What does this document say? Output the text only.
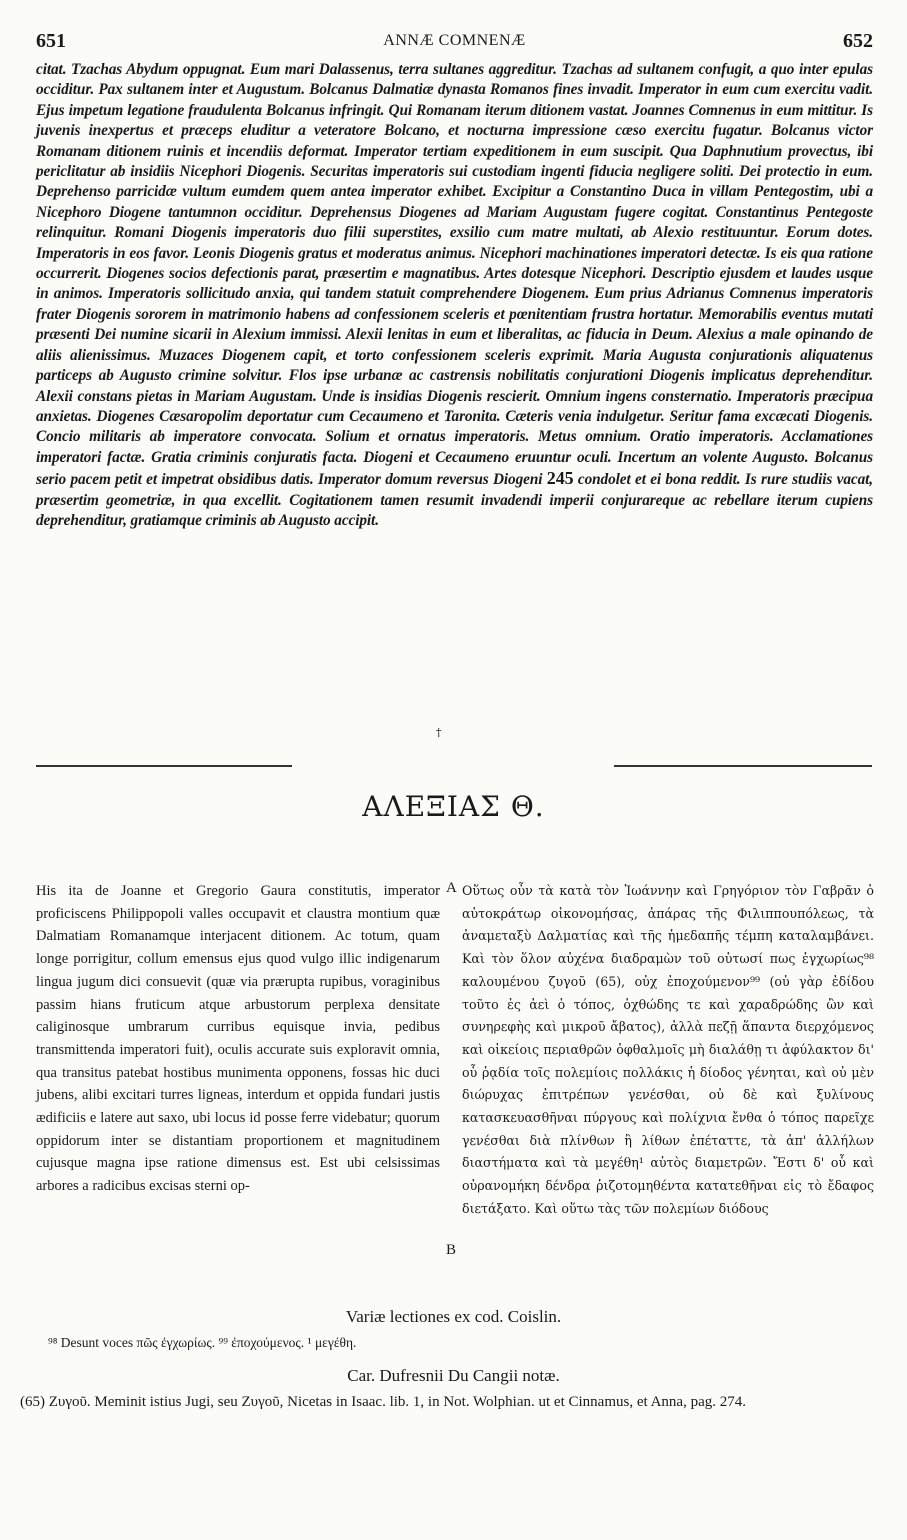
651	ANNÆ COMNENÆ	652
citat. Tzachas Abydum oppugnat. Eum mari Dalassenus, terra sultanes aggreditur. Tzachas ad sultanem confugit, a quo inter epulas occiditur. Pax sultanem inter et Augustum. Bolcanus Dalmatiæ dynasta Romanos fines invadit. Imperator in eum cum exercitu vadit. Ejus impetum legatione fraudulenta Bolcanus infringit. Qui Romanam iterum ditionem vastat. Joannes Comnenus in eum mittitur. Is juvenis inexpertus et præceps eluditur a veteratore Bolcano, et nocturna impressione cæso exercitu fugatur. Bolcanus victor Romanam ditionem ruinis et incendiis deformat. Imperator tertiam expeditionem in eum suscipit. Qua Daphnutium provectus, ibi periclitatur ab insidiis Nicephori Diogenis. Securitas imperatoris sui custodiam ingenti fiducia negligere soliti. Dei protectio in eum. Deprehenso parricidæ vultum eumdem quem antea imperator exhibet. Excipitur a Constantino Duca in villam Pentegostim, ubi a Nicephoro Diogene tantumnon occiditur. Deprehensus Diogenes ad Mariam Augustam fugere cogitat. Constantinus Pentegoste relinquitur. Romani Diogenis imperatoris duo filii superstites, exsilio cum matre multati, ab Alexio restituuntur. Eorum dotes. Imperatoris in eos favor. Leonis Diogenis gratus et moderatus animus. Nicephori machinationes imperatori detectæ. Is eis qua ratione occurrerit. Diogenes socios defectionis parat, præsertim e magnatibus. Artes dotesque Nicephori. Descriptio ejusdem et laudes usque in animos. Imperatoris sollicitudo anxia, qui tandem statuit comprehendere Diogenem. Eum prius Adrianus Comnenus imperatoris frater Diogenis sororem in matrimonio habens ad confessionem sceleris et pœnitentiam frustra hortatur. Memorabilis eventus mutati præsenti Dei numine sicarii in Alexium immissi. Alexii lenitas in eum et liberalitas, ac fiducia in Deum. Alexius a male opinando de aliis alienissimus. Muzaces Diogenem capit, et torto confessionem sceleris exprimit. Maria Augusta conjurationis aliquatenus particeps ab Augusto crimine solvitur. Flos ipse urbanæ ac castrensis nobilitatis conjurationi Diogenis implicatus deprehenditur. Alexii constans pietas in Mariam Augustam. Unde is insidias Diogenis rescierit. Omnium ingens consternatio. Imperatoris præcipua anxietas. Diogenes Cæsaropolim deportatur cum Cecaumeno et Taronita. Cæteris venia indulgetur. Seritur fama excæcati Diogenis. Concio militaris ab imperatore convocata. Solium et ornatus imperatoris. Metus omnium. Oratio imperatoris. Acclamationes imperatori factæ. Gratia criminis conjuratis facta. Diogeni et Cecaumeno eruuntur oculi. Incertum an volente Augusto. Bolcanus serio pacem petit et impetrat obsidibus datis. Imperator domum reversus Diogeni 245 condolet et ei bona reddit. Is rure studiis vacat, præsertim geometriæ, in qua excellit. Cogitationem tamen resumit invadendi imperii conjurareque ac rebellare iterum cupiens deprehenditur, gratiamque criminis ab Augusto accipit.
†
ΑΛΕΞΙΑΣ Θ.
His ita de Joanne et Gregorio Gaura constitutis, imperator proficiscens Philippopoli valles occupavit et claustra montium quæ Dalmatiam Romanamque interjacent ditionem. Ac totum, quam longe porrigitur, collum emensus ejus quod vulgo illic indigenarum lingua jugum dici consuevit (quæ via prærupta rupibus, voraginibus passim hians fruticum atque arbustorum perplexa densitate caliginosque umbrarum curribus equisque invia, pedibus transmittenda imperatori fuit), oculis accurate suis exploravit omnia, qua transitus patebat hostibus munimenta opponens, fossas hic duci jubens, alibi excitari turres ligneas, interdum et oppida fundari justis ædificiis e latere aut saxo, ubi locus id posse ferre videbatur; quorum oppidorum inter se distantiam proportionem et magnitudinem cujusque magna ipse ratione dimensus est. Est ubi celsissimas arbores a radicibus excisas sterni op-
A
B
Οὕτως οὖν τὰ κατὰ τὸν Ἰωάννην καὶ Γρηγόριον τὸν Γαβρᾶν ὁ αὐτοκράτωρ οἰκονομήσας, ἀπάρας τῆς Φιλιππουπόλεως, τὰ ἀναμεταξὺ Δαλματίας καὶ τῆς ἡμεδαπῆς τέμπη καταλαμβάνει. Καὶ τὸν ὅλον αὐχένα διαδραμὼν τοῦ οὑτωσί πως ἐγχωρίως⁹⁸ καλουμένου ζυγοῦ (65), οὐχ ἐποχούμενον⁹⁹ (οὐ γὰρ ἐδίδου τοῦτο ἐς ἀεὶ ὁ τόπος, ὀχθώδης τε καὶ χαραδρώδης ὢν καὶ συνηρεφὴς καὶ μικροῦ ἄβατος), ἀλλὰ πεζῇ ἅπαντα διερχόμενος καὶ οἰκείοις περιαθρῶν ὀφθαλμοῖς μὴ διαλάθῃ τι ἀφύλακτον δι' οὗ ῥᾳδία τοῖς πολεμίοις πολλάκις ἡ δίοδος γένηται, καὶ οὐ μὲν διώρυχας ἐπιτρέπων γενέσθαι, οὐ δὲ καὶ ξυλίνους κατασκευασθῆναι πύργους καὶ πολίχνια ἔνθα ὁ τόπος παρεῖχε γενέσθαι διὰ πλίνθων ἢ λίθων ἐπέταττε, τὰ ἀπ' ἀλλήλων διαστήματα καὶ τὰ μεγέθη¹ αὐτὸς διαμετρῶν. Ἔστι δ' οὗ καὶ οὐρανομήκη δένδρα ῥιζοτομηθέντα κατατεθῆναι εἰς τὸ ἔδαφος διετάξατο. Καὶ οὕτω τὰς τῶν πολεμίων διόδους
Variæ lectiones ex cod. Coislin.
⁹⁸ Desunt voces πῶς ἐγχωρίως. ⁹⁹ ἐποχούμενος. ¹ μεγέθη.
Car. Dufresnii Du Cangii notæ.
(65) Ζυγοῦ. Meminit istius Jugi, seu Ζυγοῦ, Nicetas in Isaac. lib. 1, in Not. Wolphian. ut et Cinnamus, et Anna, pag. 274.
